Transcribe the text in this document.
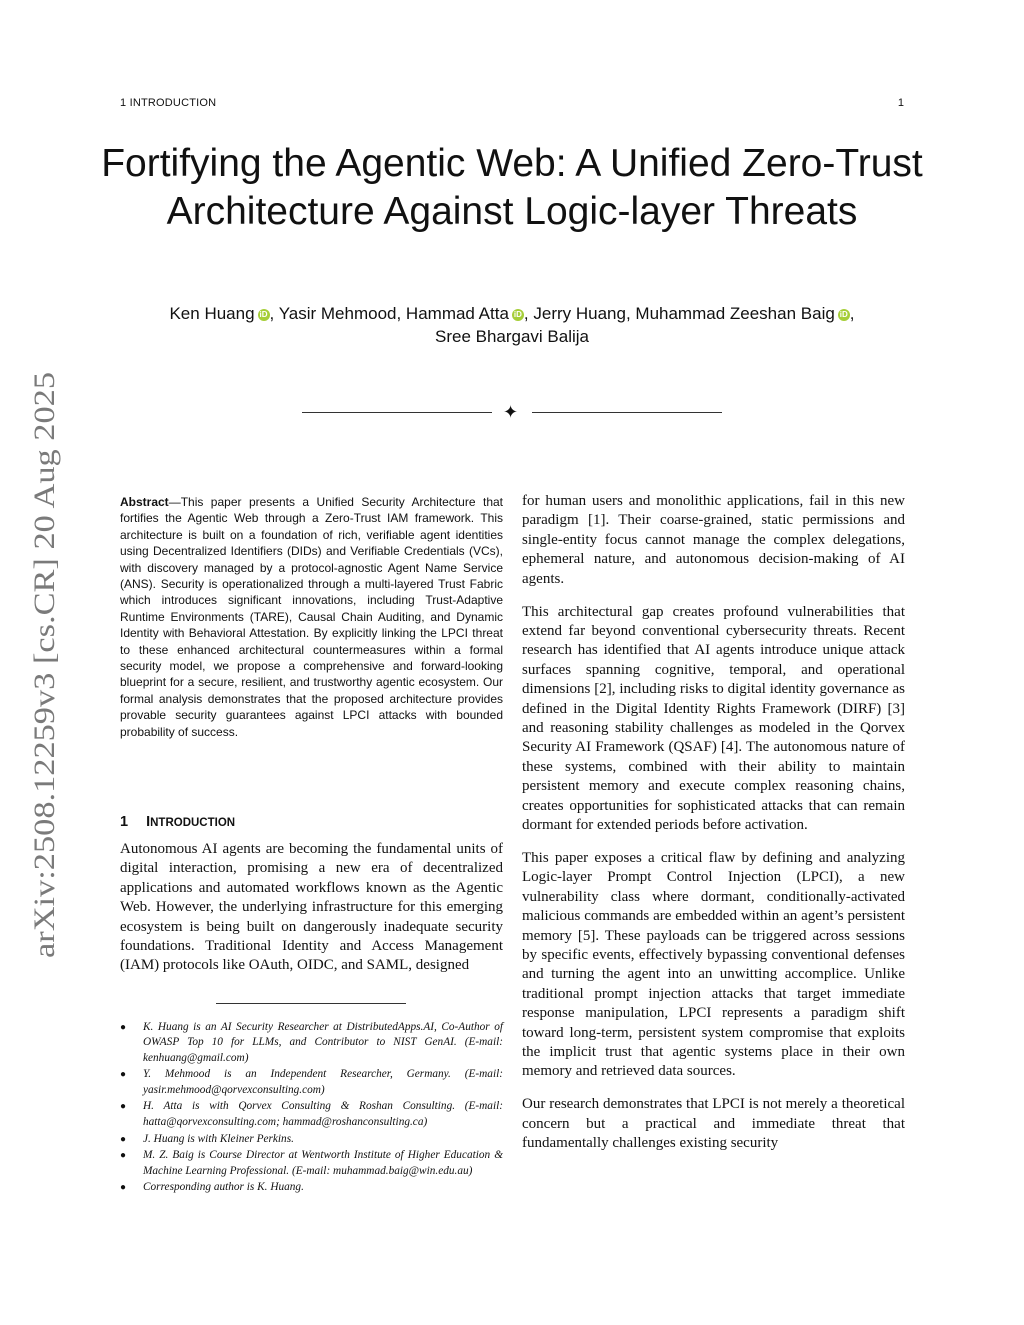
1 INTRODUCTION	1
arXiv:2508.12259v3 [cs.CR] 20 Aug 2025
Fortifying the Agentic Web: A Unified Zero-Trust Architecture Against Logic-layer Threats
Ken Huang iD , Yasir Mehmood, Hammad Atta iD , Jerry Huang, Muhammad Zeeshan Baig iD ,
Sree Bhargavi Balija
✦
Abstract—This paper presents a Unified Security Architecture that fortifies the Agentic Web through a Zero-Trust IAM framework. This architecture is built on a foundation of rich, verifiable agent identities using Decentralized Identifiers (DIDs) and Verifiable Credentials (VCs), with discovery managed by a protocol-agnostic Agent Name Service (ANS). Security is operationalized through a multi-layered Trust Fabric which introduces significant innovations, including Trust-Adaptive Runtime Environments (TARE), Causal Chain Auditing, and Dynamic Identity with Behavioral Attestation. By explicitly linking the LPCI threat to these enhanced architectural countermeasures within a formal security model, we propose a comprehensive and forward-looking blueprint for a secure, resilient, and trustworthy agentic ecosystem. Our formal analysis demonstrates that the proposed architecture provides provable security guarantees against LPCI attacks with bounded probability of success.
1 INTRODUCTION
Autonomous AI agents are becoming the fundamental units of digital interaction, promising a new era of decentralized applications and automated workflows known as the Agentic Web. However, the underlying infrastructure for this emerging ecosystem is being built on dangerously inadequate security foundations. Traditional Identity and Access Management (IAM) protocols like OAuth, OIDC, and SAML, designed
● K. Huang is an AI Security Researcher at DistributedApps.AI, Co-Author of OWASP Top 10 for LLMs, and Contributor to NIST GenAI. (E-mail: kenhuang@gmail.com)
● Y. Mehmood is an Independent Researcher, Germany. (E-mail: yasir.mehmood@qorvexconsulting.com)
● H. Atta is with Qorvex Consulting & Roshan Consulting. (E-mail: hatta@qorvexconsulting.com; hammad@roshanconsulting.ca)
● J. Huang is with Kleiner Perkins.
● M. Z. Baig is Course Director at Wentworth Institute of Higher Education & Machine Learning Professional. (E-mail: muhammad.baig@win.edu.au)
● Corresponding author is K. Huang.

for human users and monolithic applications, fail in this new paradigm [1]. Their coarse-grained, static permissions and single-entity focus cannot manage the complex delegations, ephemeral nature, and autonomous decision-making of AI agents.

This architectural gap creates profound vulnerabilities that extend far beyond conventional cybersecurity threats. Recent research has identified that AI agents introduce unique attack surfaces spanning cognitive, temporal, and operational dimensions [2], including risks to digital identity governance as defined in the Digital Identity Rights Framework (DIRF) [3] and reasoning stability challenges as modeled in the Qorvex Security AI Framework (QSAF) [4]. The autonomous nature of these systems, combined with their ability to maintain persistent memory and execute complex reasoning chains, creates opportunities for sophisticated attacks that can remain dormant for extended periods before activation.

This paper exposes a critical flaw by defining and analyzing Logic-layer Prompt Control Injection (LPCI), a new vulnerability class where dormant, conditionally-activated malicious commands are embedded within an agent’s persistent memory [5]. These payloads can be triggered across sessions by specific events, effectively bypassing conventional defenses and turning the agent into an unwitting accomplice. Unlike traditional prompt injection attacks that target immediate response manipulation, LPCI represents a paradigm shift toward long-term, persistent system compromise that exploits the implicit trust that agentic systems place in their own memory and retrieved data sources.

Our research demonstrates that LPCI is not merely a theoretical concern but a practical and immediate threat that fundamentally challenges existing security
